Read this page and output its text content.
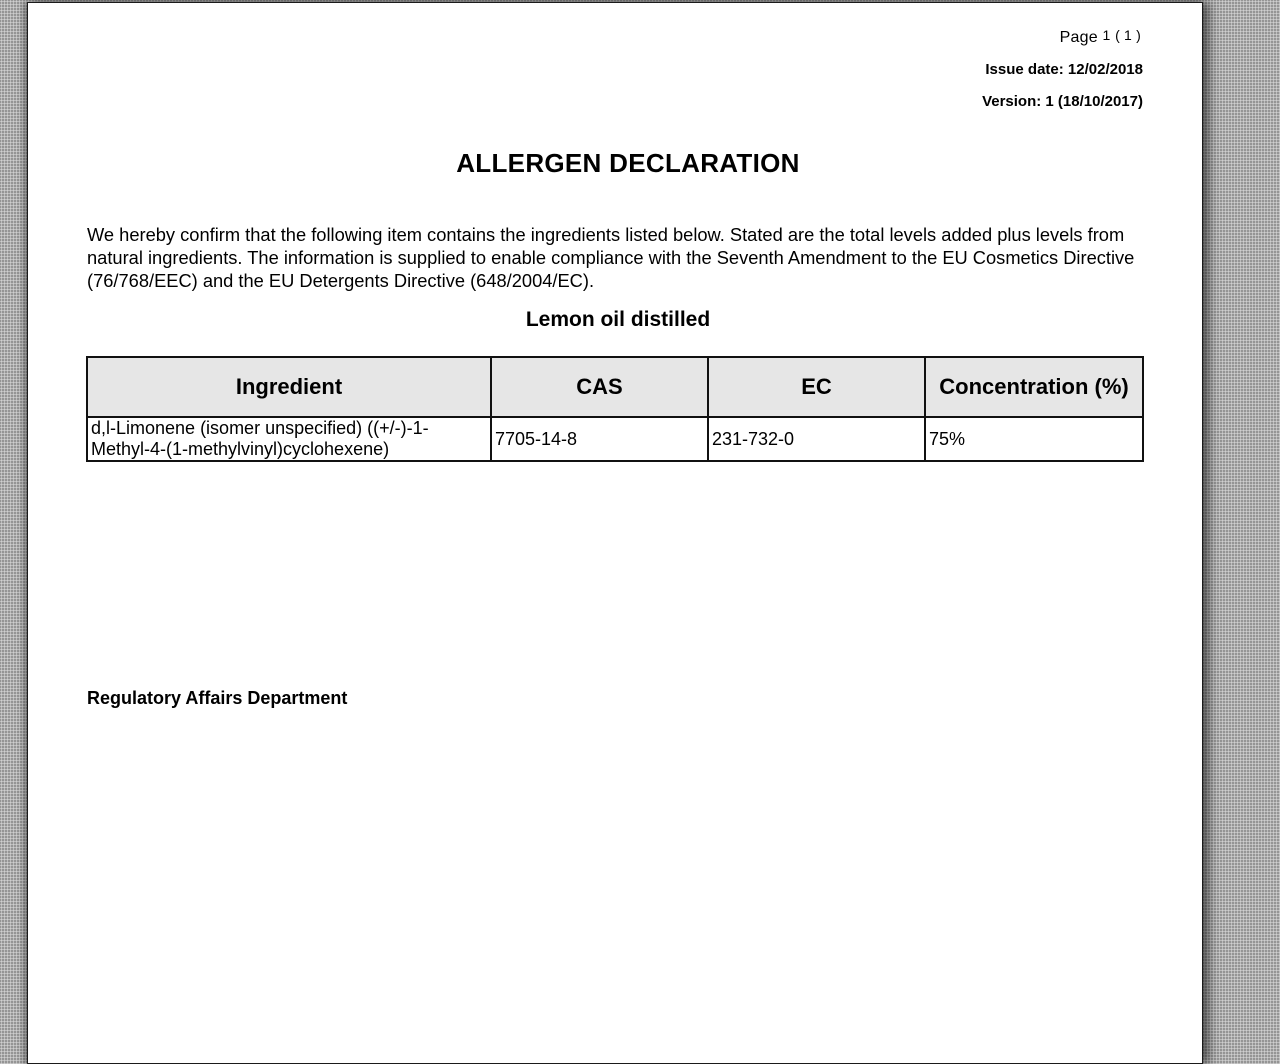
Page 1 ( 1 )
Issue date: 12/02/2018
Version: 1 (18/10/2017)
ALLERGEN DECLARATION
We hereby confirm that the following item contains the ingredients listed below. Stated are the total levels added plus levels from natural ingredients. The information is supplied to enable compliance with the Seventh Amendment to the EU Cosmetics Directive (76/768/EEC) and the EU Detergents Directive (648/2004/EC).
Lemon oil distilled
Ingredient	CAS	EC	Concentration (%)
d,l-Limonene (isomer unspecified) ((+/-)-1-Methyl-4-(1-methylvinyl)cyclohexene)	7705-14-8	231-732-0	75%
Regulatory Affairs Department
